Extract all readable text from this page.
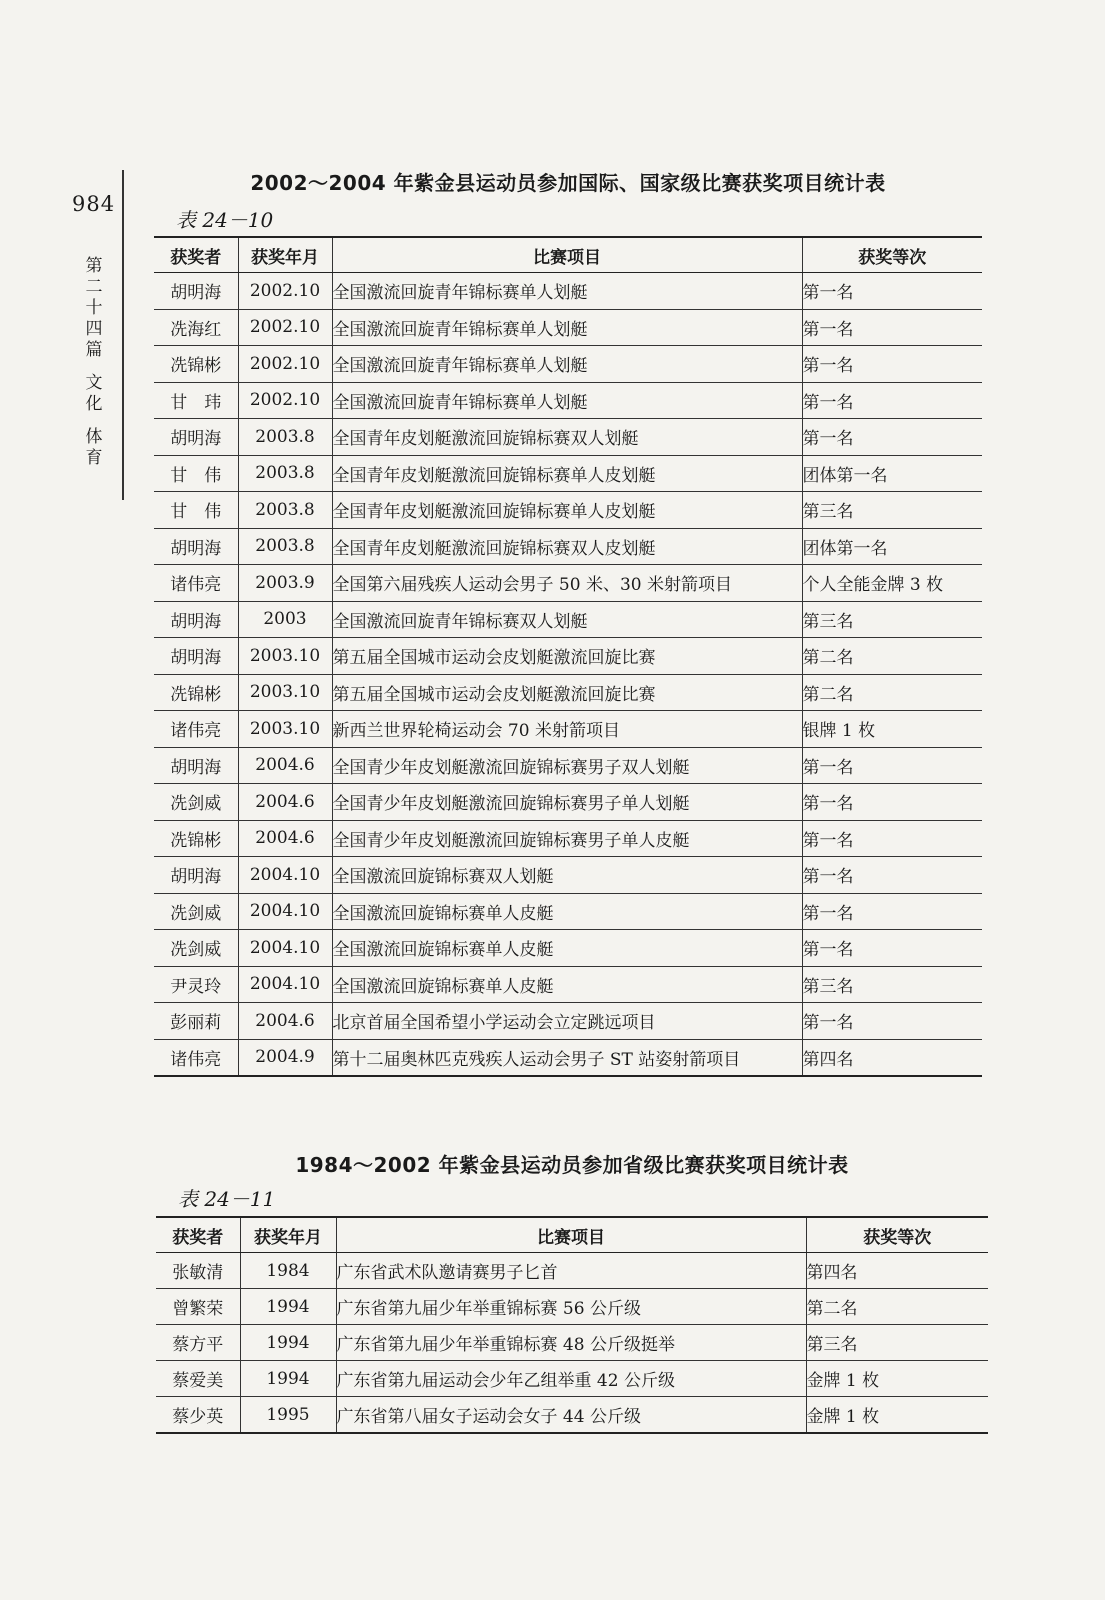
984
第
二
十
四
篇
文
化
体
育
2002～2004 年紫金县运动员参加国际、国家级比赛获奖项目统计表
表 24－10
获奖者	获奖年月	比赛项目	获奖等次
胡明海	2002.10	全国激流回旋青年锦标赛单人划艇	第一名
冼海红	2002.10	全国激流回旋青年锦标赛单人划艇	第一名
冼锦彬	2002.10	全国激流回旋青年锦标赛单人划艇	第一名
甘　玮	2002.10	全国激流回旋青年锦标赛单人划艇	第一名
胡明海	2003.8	全国青年皮划艇激流回旋锦标赛双人划艇	第一名
甘　伟	2003.8	全国青年皮划艇激流回旋锦标赛单人皮划艇	团体第一名
甘　伟	2003.8	全国青年皮划艇激流回旋锦标赛单人皮划艇	第三名
胡明海	2003.8	全国青年皮划艇激流回旋锦标赛双人皮划艇	团体第一名
诸伟亮	2003.9	全国第六届残疾人运动会男子 50 米、30 米射箭项目	个人全能金牌 3 枚
胡明海	2003	全国激流回旋青年锦标赛双人划艇	第三名
胡明海	2003.10	第五届全国城市运动会皮划艇激流回旋比赛	第二名
冼锦彬	2003.10	第五届全国城市运动会皮划艇激流回旋比赛	第二名
诸伟亮	2003.10	新西兰世界轮椅运动会 70 米射箭项目	银牌 1 枚
胡明海	2004.6	全国青少年皮划艇激流回旋锦标赛男子双人划艇	第一名
冼剑威	2004.6	全国青少年皮划艇激流回旋锦标赛男子单人划艇	第一名
冼锦彬	2004.6	全国青少年皮划艇激流回旋锦标赛男子单人皮艇	第一名
胡明海	2004.10	全国激流回旋锦标赛双人划艇	第一名
冼剑威	2004.10	全国激流回旋锦标赛单人皮艇	第一名
冼剑威	2004.10	全国激流回旋锦标赛单人皮艇	第一名
尹灵玲	2004.10	全国激流回旋锦标赛单人皮艇	第三名
彭丽莉	2004.6	北京首届全国希望小学运动会立定跳远项目	第一名
诸伟亮	2004.9	第十二届奥林匹克残疾人运动会男子 ST 站姿射箭项目	第四名
1984～2002 年紫金县运动员参加省级比赛获奖项目统计表
表 24－11
获奖者	获奖年月	比赛项目	获奖等次
张敏清	1984	广东省武术队邀请赛男子匕首	第四名
曾繁荣	1994	广东省第九届少年举重锦标赛 56 公斤级	第二名
蔡方平	1994	广东省第九届少年举重锦标赛 48 公斤级挺举	第三名
蔡爱美	1994	广东省第九届运动会少年乙组举重 42 公斤级	金牌 1 枚
蔡少英	1995	广东省第八届女子运动会女子 44 公斤级	金牌 1 枚
